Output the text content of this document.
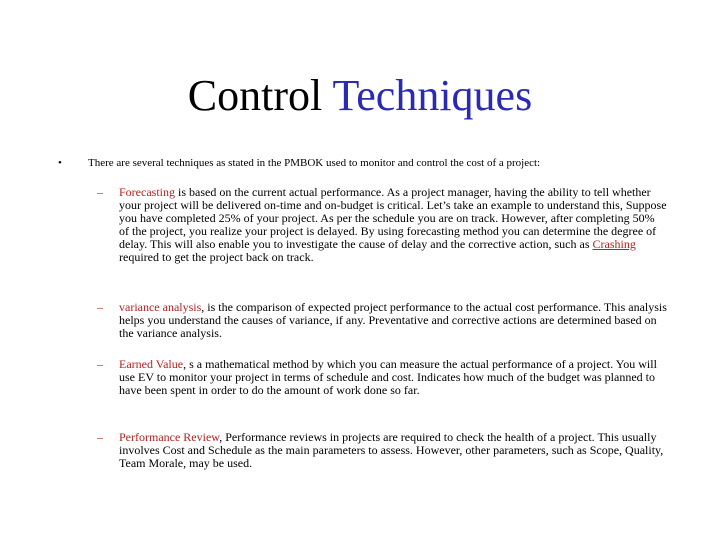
Control Techniques
• There are several techniques as stated in the PMBOK used to monitor and control the cost of a project:
– Forecasting is based on the current actual performance. As a project manager, having the ability to tell whether your project will be delivered on-time and on-budget is critical. Let’s take an example to understand this, Suppose you have completed 25% of your project. As per the schedule you are on track. However, after completing 50% of the project, you realize your project is delayed. By using forecasting method you can determine the degree of delay. This will also enable you to investigate the cause of delay and the corrective action, such as Crashing required to get the project back on track.
– variance analysis, is the comparison of expected project performance to the actual cost performance. This analysis helps you understand the causes of variance, if any. Preventative and corrective actions are determined based on the variance analysis.
– Earned Value, s a mathematical method by which you can measure the actual performance of a project. You will use EV to monitor your project in terms of schedule and cost. Indicates how much of the budget was planned to have been spent in order to do the amount of work done so far.
– Performance Review, Performance reviews in projects are required to check the health of a project. This usually involves Cost and Schedule as the main parameters to assess. However, other parameters, such as Scope, Quality, Team Morale, may be used.
